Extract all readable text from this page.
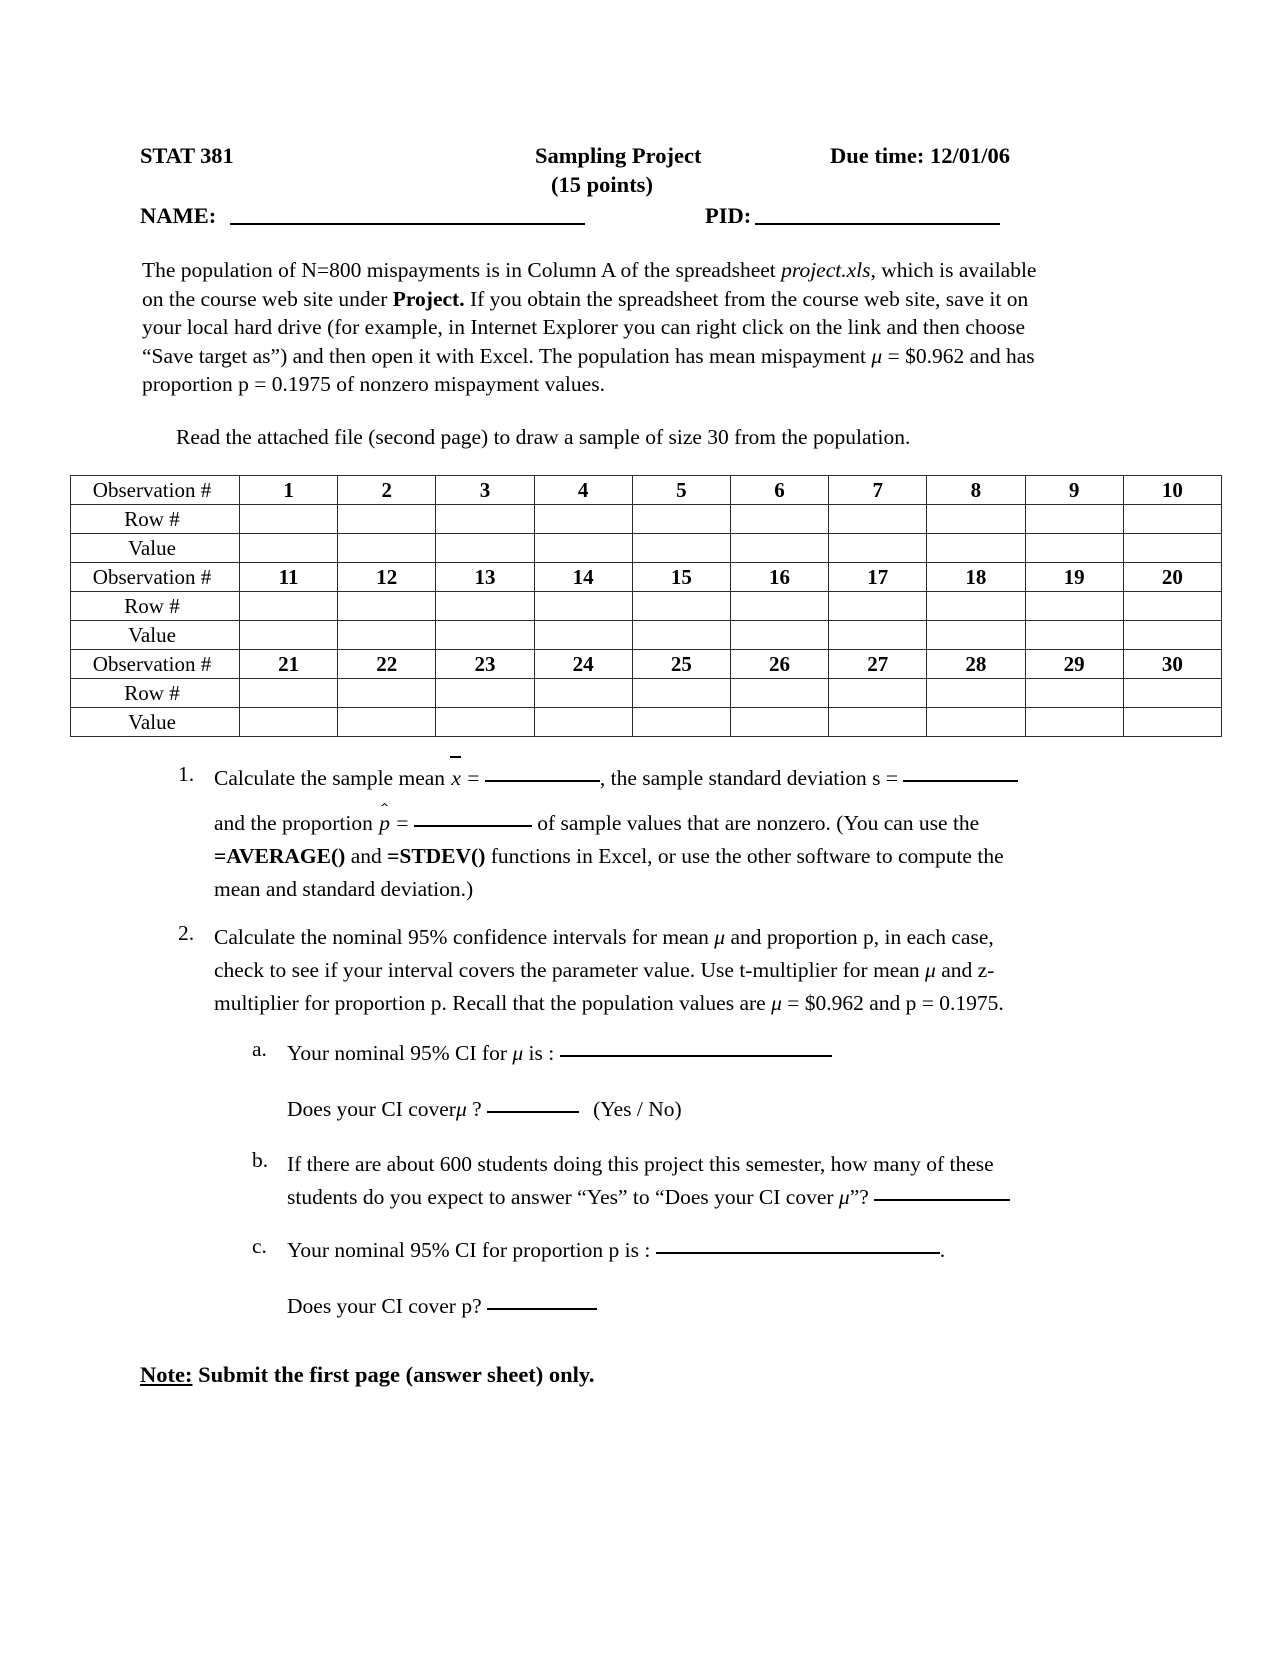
STAT 381	Sampling Project	Due time: 12/01/06
(15 points)
NAME:	PID:
The population of N=800 mispayments is in Column A of the spreadsheet project.xls, which is available on the course web site under Project. If you obtain the spreadsheet from the course web site, save it on your local hard drive (for example, in Internet Explorer you can right click on the link and then choose “Save target as”) and then open it with Excel. The population has mean mispayment μ = $0.962 and has proportion p = 0.1975 of nonzero mispayment values.
Read the attached file (second page) to draw a sample of size 30 from the population.
Observation #	1	2	3	4	5	6	7	8	9	10
Row #										
Value										
Observation #	11	12	13	14	15	16	17	18	19	20
Row #										
Value										
Observation #	21	22	23	24	25	26	27	28	29	30
Row #										
Value										
1. Calculate the sample mean x =	, the sample standard deviation s =
and the proportion ‸ p =	of sample values that are nonzero. (You can use the
=AVERAGE() and =STDEV() functions in Excel, or use the other software to compute the
mean and standard deviation.)
2. Calculate the nominal 95% confidence intervals for mean μ and proportion p, in each case,
check to see if your interval covers the parameter value. Use t-multiplier for mean μ and z-
multiplier for proportion p. Recall that the population values are μ = $0.962 and p = 0.1975.
a. Your nominal 95% CI for μ is :
Does your CI coverμ ?	(Yes / No)
b. If there are about 600 students doing this project this semester, how many of these
students do you expect to answer “Yes” to “Does your CI cover μ”?
c. Your nominal 95% CI for proportion p is :	.
Does your CI cover p?
Note: Submit the first page (answer sheet) only.
